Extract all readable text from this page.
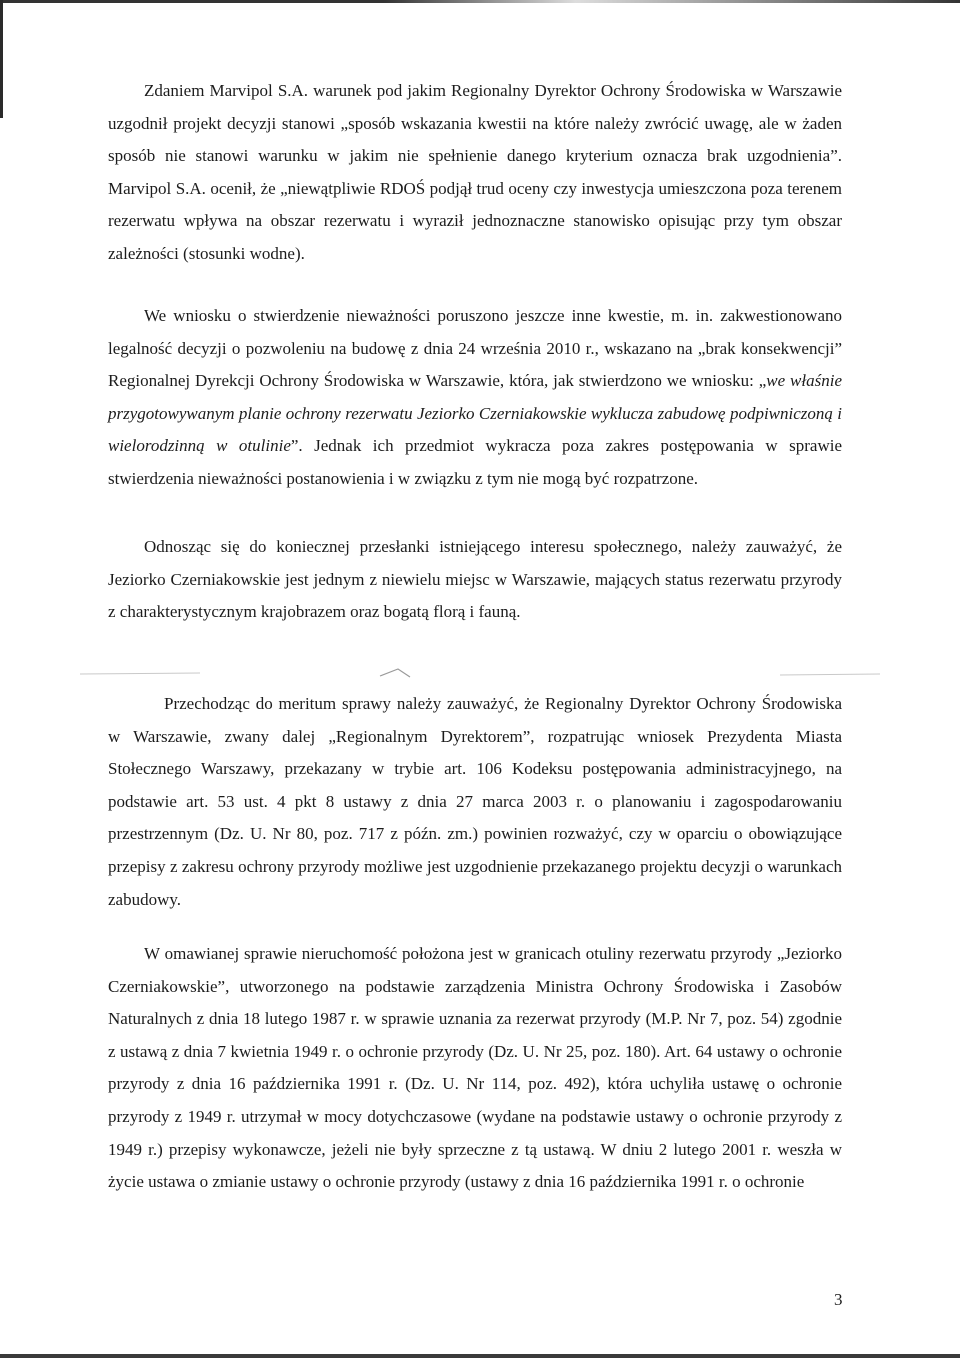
Zdaniem Marvipol S.A. warunek pod jakim Regionalny Dyrektor Ochrony Środowiska w Warszawie uzgodnił projekt decyzji stanowi „sposób wskazania kwestii na które należy zwrócić uwagę, ale w żaden sposób nie stanowi warunku w jakim nie spełnienie danego kryterium oznacza brak uzgodnienia”. Marvipol S.A. ocenił, że „niewątpliwie RDOŚ podjął trud oceny czy inwestycja umieszczona poza terenem rezerwatu wpływa na obszar rezerwatu i wyraził jednoznaczne stanowisko opisując przy tym obszar zależności (stosunki wodne).

We wniosku o stwierdzenie nieważności poruszono jeszcze inne kwestie, m. in. zakwestionowano legalność decyzji o pozwoleniu na budowę z dnia 24 września 2010 r., wskazano na „brak konsekwencji” Regionalnej Dyrekcji Ochrony Środowiska w Warszawie, która, jak stwierdzono we wniosku: „we właśnie przygotowywanym planie ochrony rezerwatu Jeziorko Czerniakowskie wyklucza zabudowę podpiwniczoną i wielorodzinną w otulinie”. Jednak ich przedmiot wykracza poza zakres postępowania w sprawie stwierdzenia nieważności postanowienia i w związku z tym nie mogą być rozpatrzone.

Odnosząc się do koniecznej przesłanki istniejącego interesu społecznego, należy zauważyć, że Jeziorko Czerniakowskie jest jednym z niewielu miejsc w Warszawie, mających status rezerwatu przyrody z charakterystycznym krajobrazem oraz bogatą florą i fauną.

Przechodząc do meritum sprawy należy zauważyć, że Regionalny Dyrektor Ochrony Środowiska w Warszawie, zwany dalej „Regionalnym Dyrektorem”, rozpatrując wniosek Prezydenta Miasta Stołecznego Warszawy, przekazany w trybie art. 106 Kodeksu postępowania administracyjnego, na podstawie art. 53 ust. 4 pkt 8 ustawy z dnia 27 marca 2003 r. o planowaniu i zagospodarowaniu przestrzennym (Dz. U. Nr 80, poz. 717 z późn. zm.) powinien rozważyć, czy w oparciu o obowiązujące przepisy z zakresu ochrony przyrody możliwe jest uzgodnienie przekazanego projektu decyzji o warunkach zabudowy.

W omawianej sprawie nieruchomość położona jest w granicach otuliny rezerwatu przyrody „Jeziorko Czerniakowskie”, utworzonego na podstawie zarządzenia Ministra Ochrony Środowiska i Zasobów Naturalnych z dnia 18 lutego 1987 r. w sprawie uznania za rezerwat przyrody (M.P. Nr 7, poz. 54) zgodnie z ustawą z dnia 7 kwietnia 1949 r. o ochronie przyrody (Dz. U. Nr 25, poz. 180). Art. 64 ustawy o ochronie przyrody z dnia 16 października 1991 r. (Dz. U. Nr 114, poz. 492), która uchyliła ustawę o ochronie przyrody z 1949 r. utrzymał w mocy dotychczasowe (wydane na podstawie ustawy o ochronie przyrody z 1949 r.) przepisy wykonawcze, jeżeli nie były sprzeczne z tą ustawą. W dniu 2 lutego 2001 r. weszła w życie ustawa o zmianie ustawy o ochronie przyrody (ustawy z dnia 16 października 1991 r. o ochronie

3
